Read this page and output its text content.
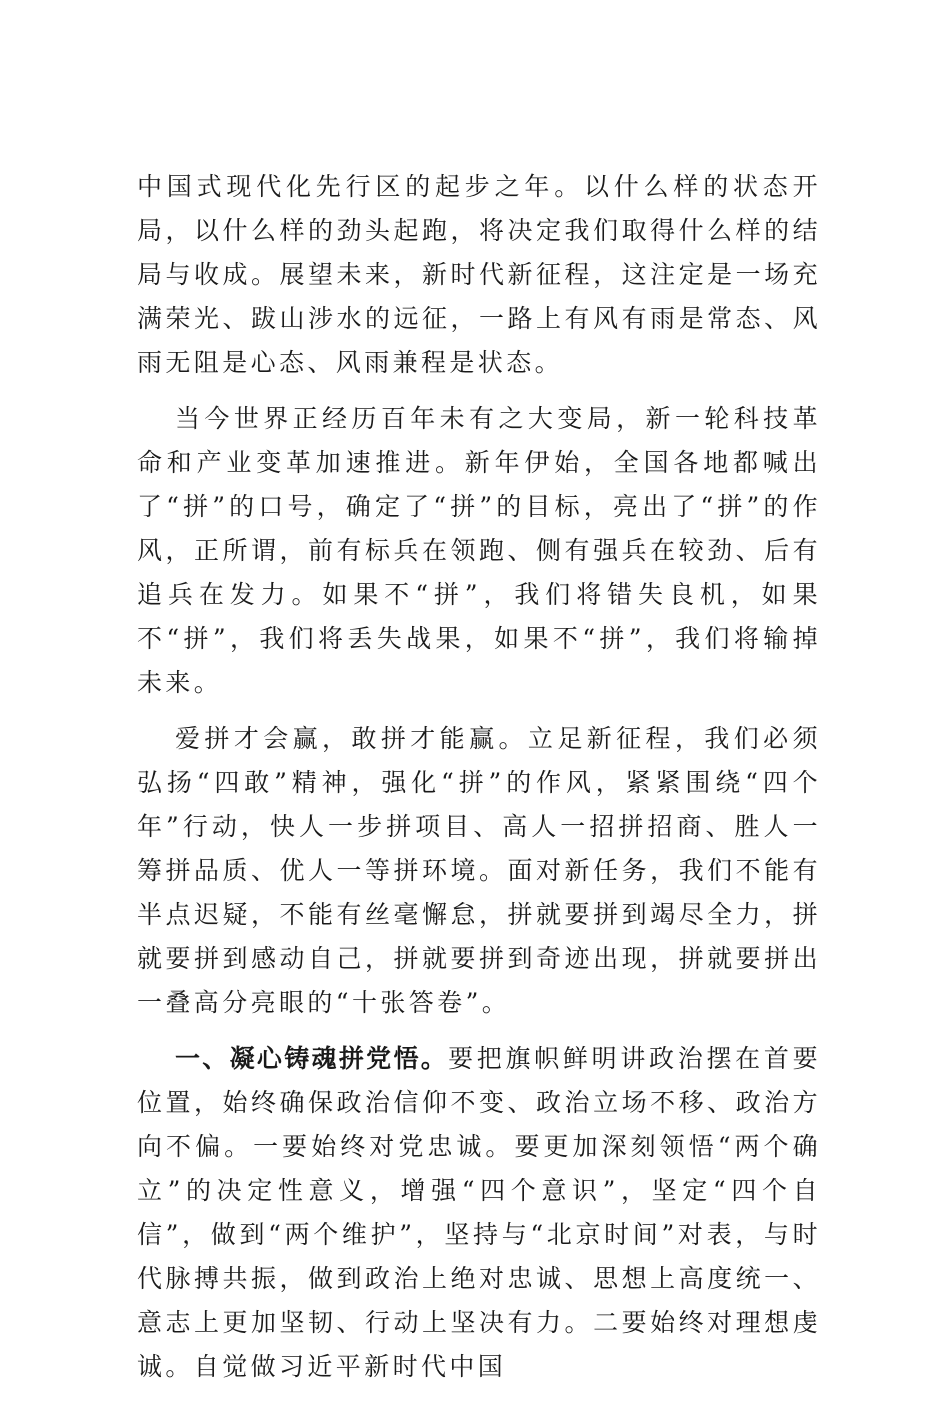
中国式现代化先行区的起步之年。以什么样的状态开局，以什么样的劲头起跑，将决定我们取得什么样的结局与收成。展望未来，新时代新征程，这注定是一场充满荣光、跋山涉水的远征，一路上有风有雨是常态、风雨无阻是心态、风雨兼程是状态。

当今世界正经历百年未有之大变局，新一轮科技革命和产业变革加速推进。新年伊始，全国各地都喊出了“拼”的口号，确定了“拼”的目标，亮出了“拼”的作风，正所谓，前有标兵在领跑、侧有强兵在较劲、后有追兵在发力。如果不“拼”，我们将错失良机，如果不“拼”，我们将丢失战果，如果不“拼”，我们将输掉未来。

爱拼才会赢，敢拼才能赢。立足新征程，我们必须弘扬“四敢”精神，强化“拼”的作风，紧紧围绕“四个年”行动，快人一步拼项目、高人一招拼招商、胜人一筹拼品质、优人一等拼环境。面对新任务，我们不能有半点迟疑，不能有丝毫懈怠，拼就要拼到竭尽全力，拼就要拼到感动自己，拼就要拼到奇迹出现，拼就要拼出一叠高分亮眼的“十张答卷”。

一、凝心铸魂拼党悟。要把旗帜鲜明讲政治摆在首要位置，始终确保政治信仰不变、政治立场不移、政治方向不偏。一要始终对党忠诚。要更加深刻领悟“两个确立”的决定性意义，增强“四个意识”，坚定“四个自信”，做到“两个维护”，坚持与“北京时间”对表，与时代脉搏共振，做到政治上绝对忠诚、思想上高度统一、意志上更加坚韧、行动上坚决有力。二要始终对理想虔诚。自觉做习近平新时代中国
